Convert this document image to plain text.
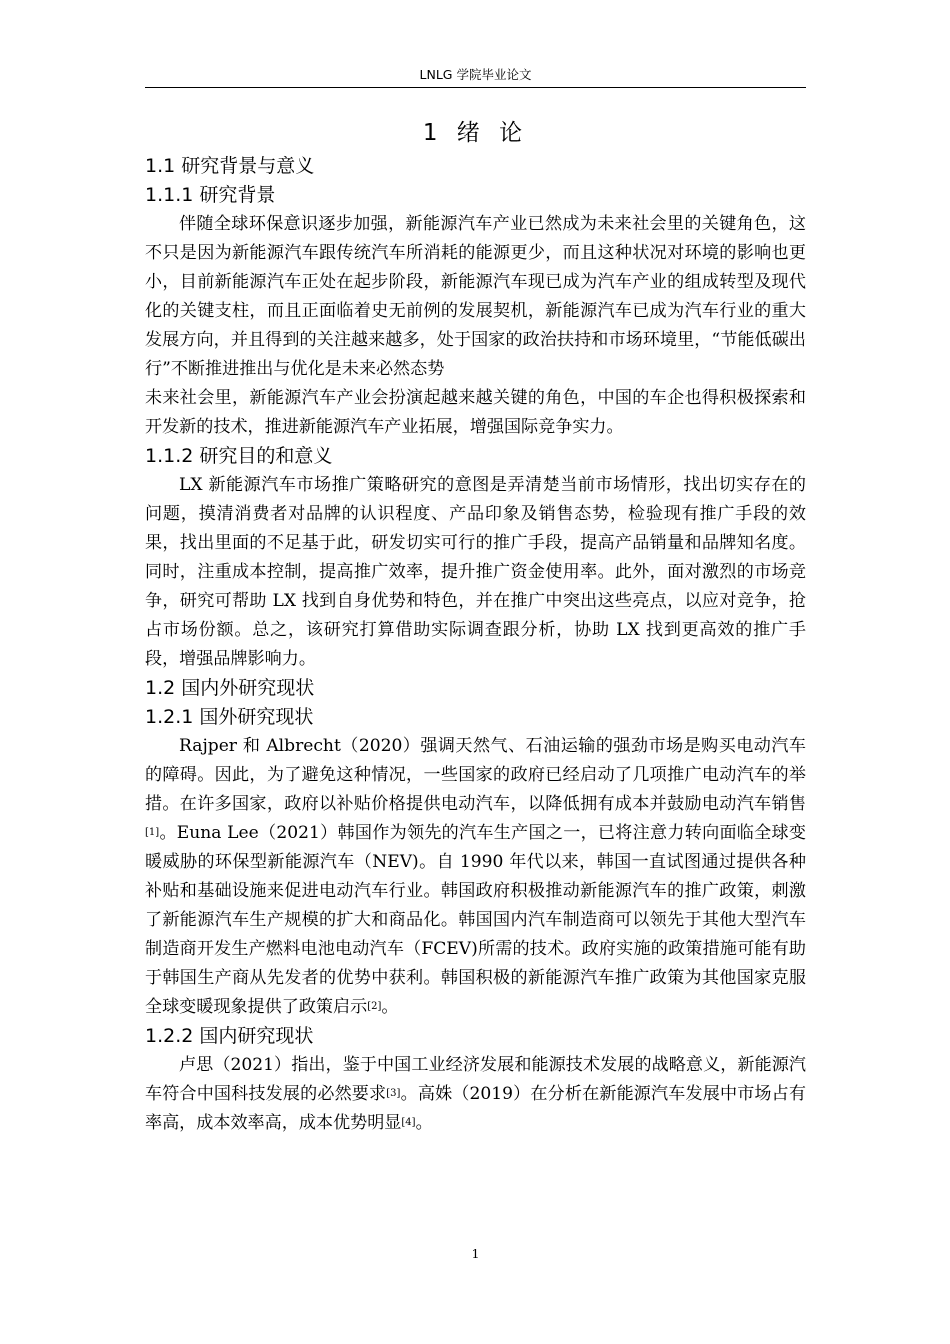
LNLG 学院毕业论文
1 绪 论
1.1 研究背景与意义
1.1.1 研究背景

伴随全球环保意识逐步加强，新能源汽车产业已然成为未来社会里的关键角色，这不只是因为新能源汽车跟传统汽车所消耗的能源更少，而且这种状况对环境的影响也更小，目前新能源汽车正处在起步阶段，新能源汽车现已成为汽车产业的组成转型及现代化的关键支柱，而且正面临着史无前例的发展契机，新能源汽车已成为汽车行业的重大发展方向，并且得到的关注越来越多，处于国家的政治扶持和市场环境里，“节能低碳出行”不断推进推出与优化是未来必然态势

未来社会里，新能源汽车产业会扮演起越来越关键的角色，中国的车企也得积极探索和开发新的技术，推进新能源汽车产业拓展，增强国际竞争实力。

1.1.2 研究目的和意义

LX 新能源汽车市场推广策略研究的意图是弄清楚当前市场情形，找出切实存在的问题，摸清消费者对品牌的认识程度、产品印象及销售态势，检验现有推广手段的效果，找出里面的不足基于此，研发切实可行的推广手段，提高产品销量和品牌知名度。同时，注重成本控制，提高推广效率，提升推广资金使用率。此外，面对激烈的市场竞争，研究可帮助 LX 找到自身优势和特色，并在推广中突出这些亮点，以应对竞争，抢占市场份额。总之，该研究打算借助实际调查跟分析，协助 LX 找到更高效的推广手段，增强品牌影响力。

1.2 国内外研究现状
1.2.1 国外研究现状

Rajper 和 Albrecht（2020）强调天然气、石油运输的强劲市场是购买电动汽车的障碍。因此，为了避免这种情况，一些国家的政府已经启动了几项推广电动汽车的举措。在许多国家，政府以补贴价格提供电动汽车，以降低拥有成本并鼓励电动汽车销售[1]。Euna Lee（2021）韩国作为领先的汽车生产国之一，已将注意力转向面临全球变暖威胁的环保型新能源汽车（NEV)。自 1990 年代以来，韩国一直试图通过提供各种补贴和基础设施来促进电动汽车行业。韩国政府积极推动新能源汽车的推广政策，刺激了新能源汽车生产规模的扩大和商品化。韩国国内汽车制造商可以领先于其他大型汽车制造商开发生产燃料电池电动汽车（FCEV)所需的技术。政府实施的政策措施可能有助于韩国生产商从先发者的优势中获利。韩国积极的新能源汽车推广政策为其他国家克服全球变暖现象提供了政策启示[2]。

1.2.2 国内研究现状

卢思（2021）指出，鉴于中国工业经济发展和能源技术发展的战略意义，新能源汽车符合中国科技发展的必然要求[3]。高姝（2019）在分析在新能源汽车发展中市场占有率高，成本效率高，成本优势明显[4]。

1
